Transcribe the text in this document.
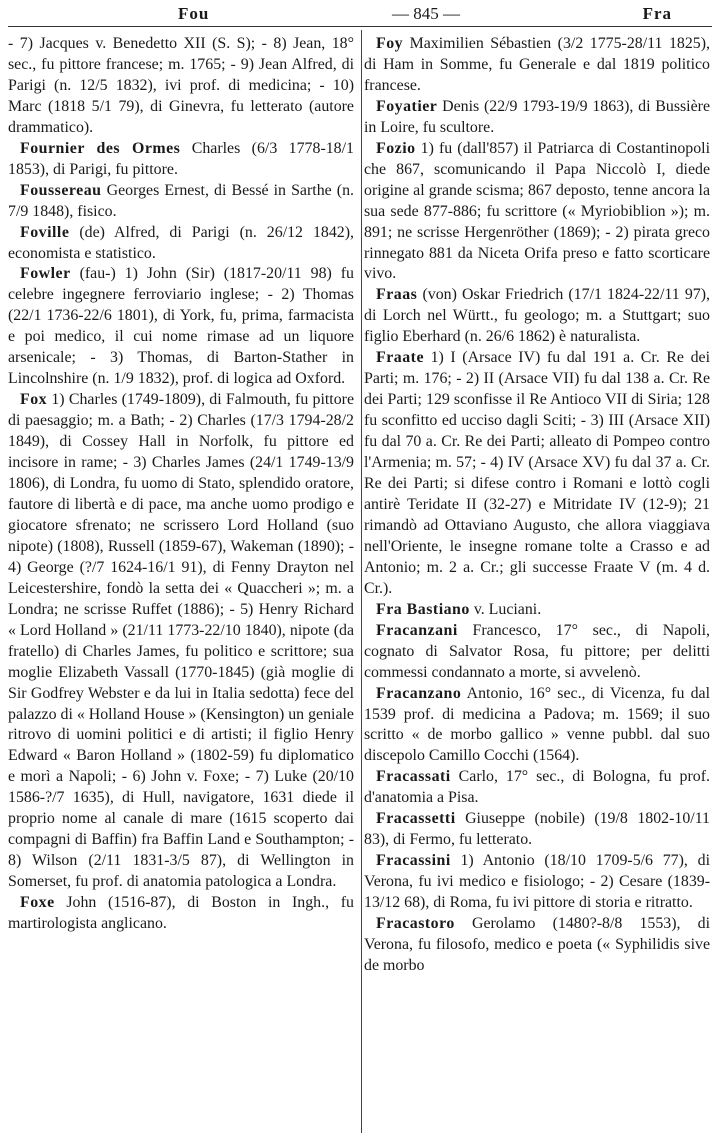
Fou	— 845 —	Fra

- 7) Jacques v. Benedetto XII (S. S); - 8) Jean, 18° sec., fu pittore francese; m. 1765; - 9) Jean Alfred, di Parigi (n. 12/5 1832), ivi prof. di medicina; - 10) Marc (1818 5/1 79), di Ginevra, fu letterato (autore drammatico).

Fournier des Ormes Charles (6/3 1778-18/1 1853), di Parigi, fu pittore.

Foussereau Georges Ernest, di Bessé in Sarthe (n. 7/9 1848), fisico.

Foville (de) Alfred, di Parigi (n. 26/12 1842), economista e statistico.

Fowler (fau-) 1) John (Sir) (1817-20/11 98) fu celebre ingegnere ferroviario inglese; - 2) Thomas (22/1 1736-22/6 1801), di York, fu, prima, farmacista e poi medico, il cui nome rimase ad un liquore arsenicale; - 3) Thomas, di Barton-Stather in Lincolnshire (n. 1/9 1832), prof. di logica ad Oxford.

Fox 1) Charles (1749-1809), di Falmouth, fu pittore di paesaggio; m. a Bath; - 2) Charles (17/3 1794-28/2 1849), di Cossey Hall in Norfolk, fu pittore ed incisore in rame; - 3) Charles James (24/1 1749-13/9 1806), di Londra, fu uomo di Stato, splendido oratore, fautore di libertà e di pace, ma anche uomo prodigo e giocatore sfrenato; ne scrissero Lord Holland (suo nipote) (1808), Russell (1859-67), Wakeman (1890); - 4) George (?/7 1624-16/1 91), di Fenny Drayton nel Leicestershire, fondò la setta dei « Quaccheri »; m. a Londra; ne scrisse Ruffet (1886); - 5) Henry Richard « Lord Holland » (21/11 1773-22/10 1840), nipote (da fratello) di Charles James, fu politico e scrittore; sua moglie Elizabeth Vassall (1770-1845) (già moglie di Sir Godfrey Webster e da lui in Italia sedotta) fece del palazzo di « Holland House » (Kensington) un geniale ritrovo di uomini politici e di artisti; il figlio Henry Edward « Baron Holland » (1802-59) fu diplomatico e morì a Napoli; - 6) John v. Foxe; - 7) Luke (20/10 1586-?/7 1635), di Hull, navigatore, 1631 diede il proprio nome al canale di mare (1615 scoperto dai compagni di Baffin) fra Baffin Land e Southampton; - 8) Wilson (2/11 1831-3/5 87), di Wellington in Somerset, fu prof. di anatomia patologica a Londra.

Foxe John (1516-87), di Boston in Ingh., fu martirologista anglicano.

Foy Maximilien Sébastien (3/2 1775-28/11 1825), di Ham in Somme, fu Generale e dal 1819 politico francese.

Foyatier Denis (22/9 1793-19/9 1863), di Bussière in Loire, fu scultore.

Fozio 1) fu (dall'857) il Patriarca di Costantinopoli che 867, scomunicando il Papa Niccolò I, diede origine al grande scisma; 867 deposto, tenne ancora la sua sede 877-886; fu scrittore (« Myriobiblion »); m. 891; ne scrisse Hergenröther (1869); - 2) pirata greco rinnegato 881 da Niceta Orifa preso e fatto scorticare vivo.

Fraas (von) Oskar Friedrich (17/1 1824-22/11 97), di Lorch nel Württ., fu geologo; m. a Stuttgart; suo figlio Eberhard (n. 26/6 1862) è naturalista.

Fraate 1) I (Arsace IV) fu dal 191 a. Cr. Re dei Parti; m. 176; - 2) II (Arsace VII) fu dal 138 a. Cr. Re dei Parti; 129 sconfisse il Re Antioco VII di Siria; 128 fu sconfitto ed ucciso dagli Sciti; - 3) III (Arsace XII) fu dal 70 a. Cr. Re dei Parti; alleato di Pompeo contro l'Armenia; m. 57; - 4) IV (Arsace XV) fu dal 37 a. Cr. Re dei Parti; si difese contro i Romani e lottò cogli antirè Teridate II (32-27) e Mitridate IV (12-9); 21 rimandò ad Ottaviano Augusto, che allora viaggiava nell'Oriente, le insegne romane tolte a Crasso e ad Antonio; m. 2 a. Cr.; gli successe Fraate V (m. 4 d. Cr.).

Fra Bastiano v. Luciani.

Fracanzani Francesco, 17° sec., di Napoli, cognato di Salvator Rosa, fu pittore; per delitti commessi condannato a morte, si avvelenò.

Fracanzano Antonio, 16° sec., di Vicenza, fu dal 1539 prof. di medicina a Padova; m. 1569; il suo scritto « de morbo gallico » venne pubbl. dal suo discepolo Camillo Cocchi (1564).

Fracassati Carlo, 17° sec., di Bologna, fu prof. d'anatomia a Pisa.

Fracassetti Giuseppe (nobile) (19/8 1802-10/11 83), di Fermo, fu letterato.

Fracassini 1) Antonio (18/10 1709-5/6 77), di Verona, fu ivi medico e fisiologo; - 2) Cesare (1839-13/12 68), di Roma, fu ivi pittore di storia e ritratto.

Fracastoro Gerolamo (1480?-8/8 1553), di Verona, fu filosofo, medico e poeta (« Syphilidis sive de morbo
